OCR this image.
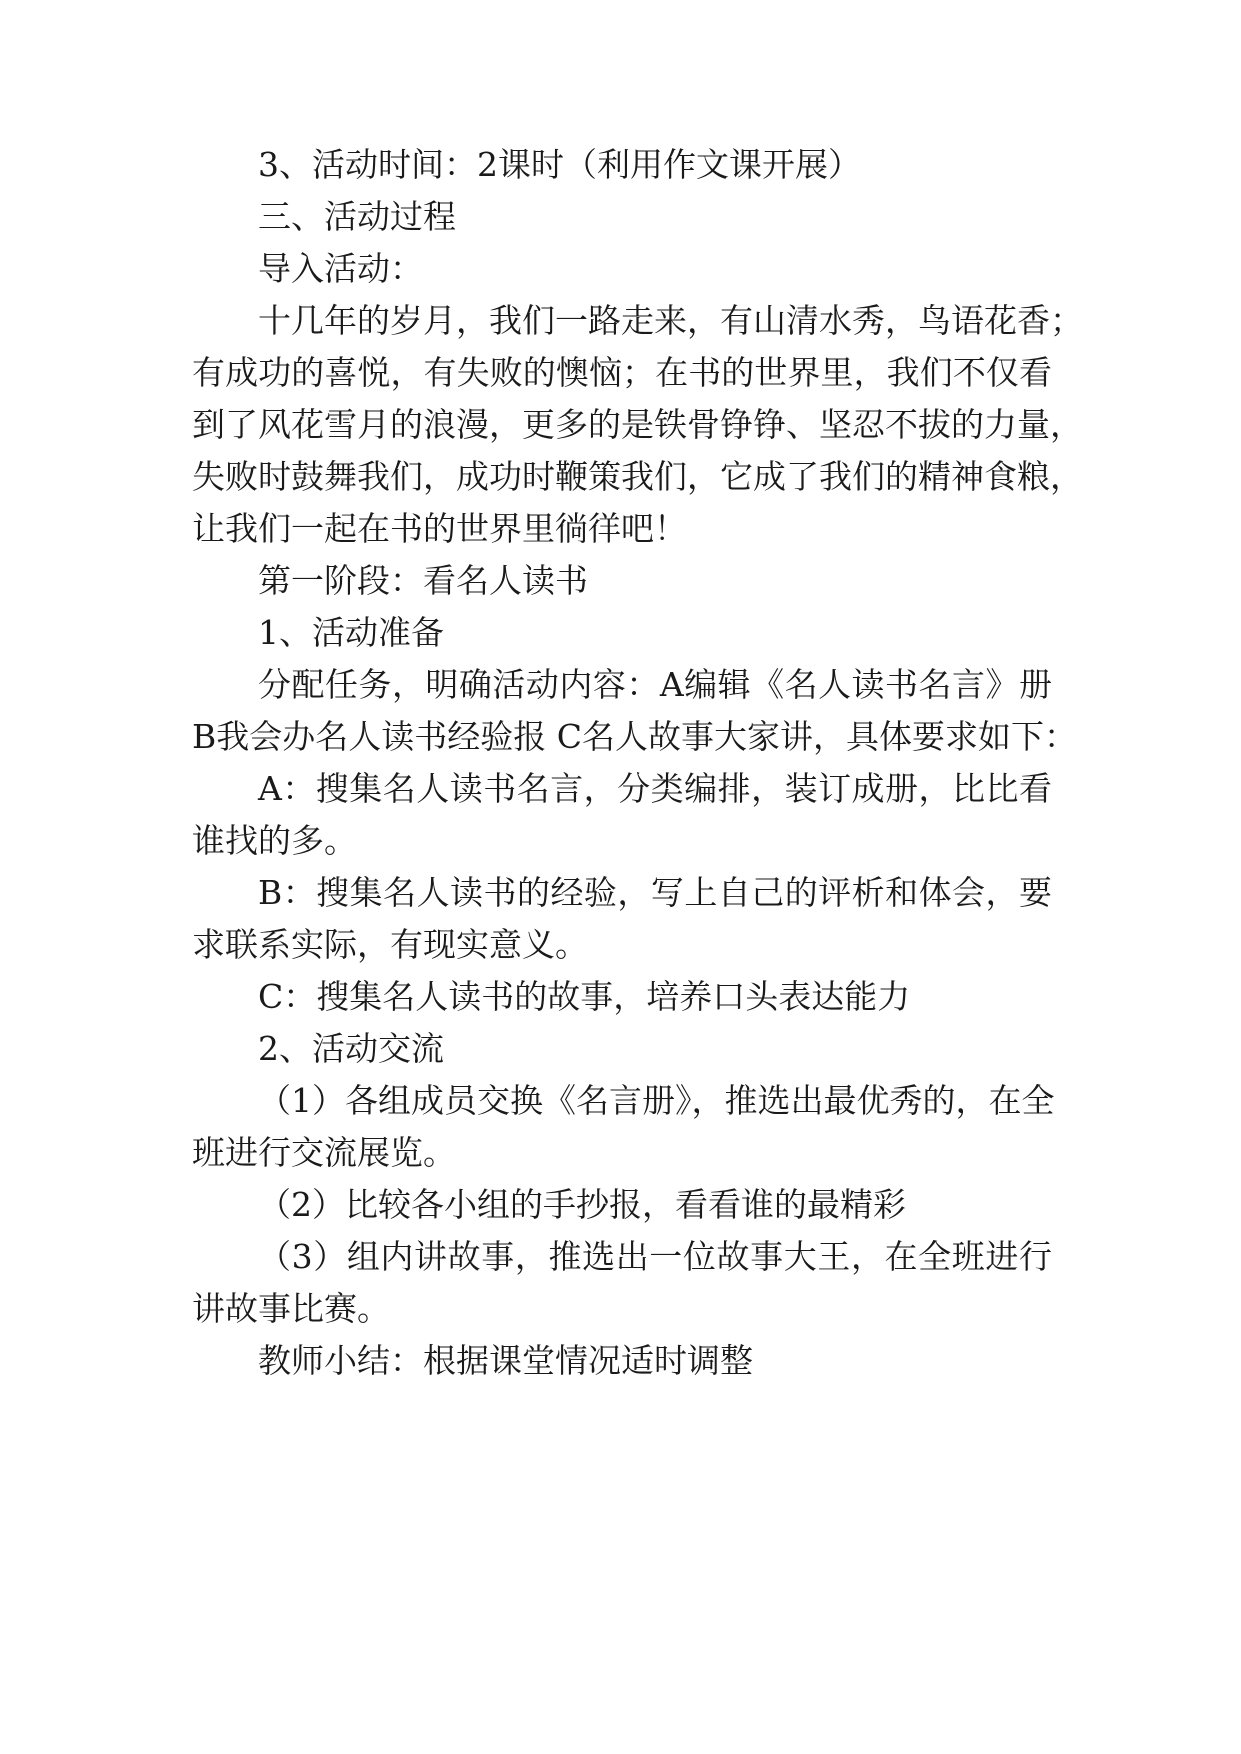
3、活动时间：2课时（利用作文课开展）
三、活动过程
导入活动：
十几年的岁月，我们一路走来，有山清水秀，鸟语花香；
有成功的喜悦，有失败的懊恼；在书的世界里，我们不仅看
到了风花雪月的浪漫，更多的是铁骨铮铮、坚忍不拔的力量，
失败时鼓舞我们，成功时鞭策我们，它成了我们的精神食粮，
让我们一起在书的世界里徜徉吧！
第一阶段：看名人读书
1、活动准备
分配任务，明确活动内容：A编辑《名人读书名言》册
B我会办名人读书经验报 C名人故事大家讲，具体要求如下：
A：搜集名人读书名言，分类编排，装订成册，比比看
谁找的多。
B：搜集名人读书的经验，写上自己的评析和体会，要
求联系实际，有现实意义。
C：搜集名人读书的故事，培养口头表达能力
2、活动交流
（1）各组成员交换《名言册》，推选出最优秀的，在全
班进行交流展览。
（2）比较各小组的手抄报，看看谁的最精彩
（3）组内讲故事，推选出一位故事大王，在全班进行
讲故事比赛。
教师小结：根据课堂情况适时调整
